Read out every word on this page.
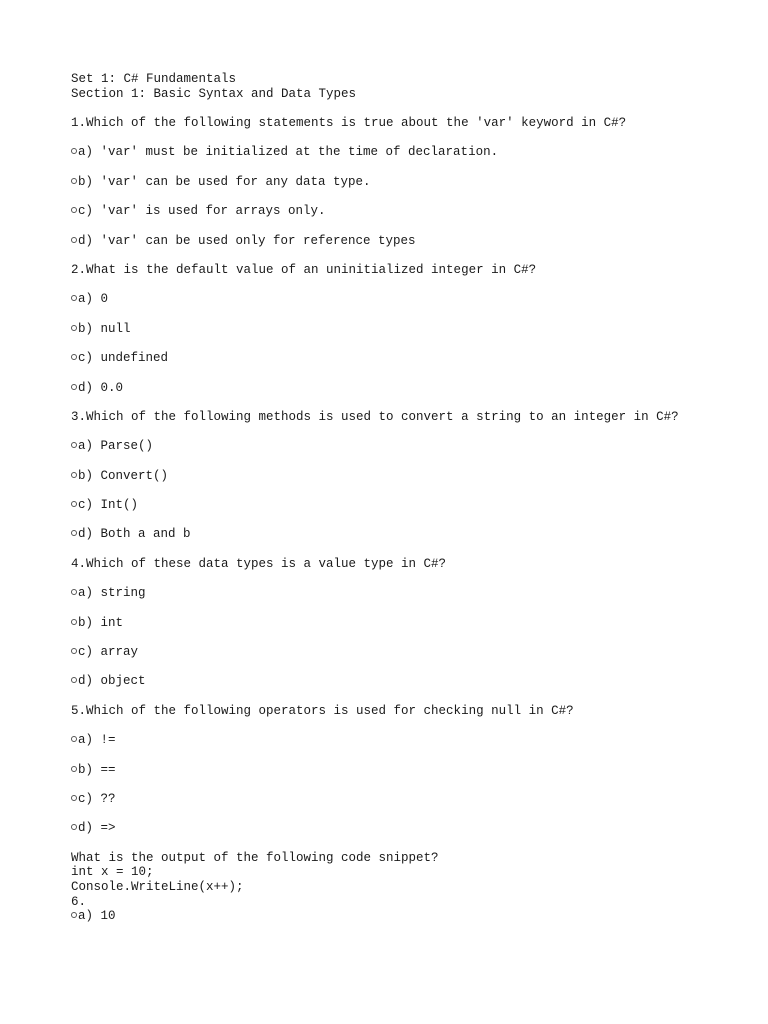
Set 1: C# Fundamentals
Section 1: Basic Syntax and Data Types
1.Which of the following statements is true about the 'var' keyword in C#?
a) 'var' must be initialized at the time of declaration.
b) 'var' can be used for any data type.
c) 'var' is used for arrays only.
d) 'var' can be used only for reference types
2.What is the default value of an uninitialized integer in C#?
a) 0
b) null
c) undefined
d) 0.0
3.Which of the following methods is used to convert a string to an integer in C#?
a) Parse()
b) Convert()
c) Int()
d) Both a and b
4.Which of these data types is a value type in C#?
a) string
b) int
c) array
d) object
5.Which of the following operators is used for checking null in C#?
a) !=
b) ==
c) ??
d) =>
What is the output of the following code snippet?
int x = 10;
Console.WriteLine(x++);
6.
a) 10
